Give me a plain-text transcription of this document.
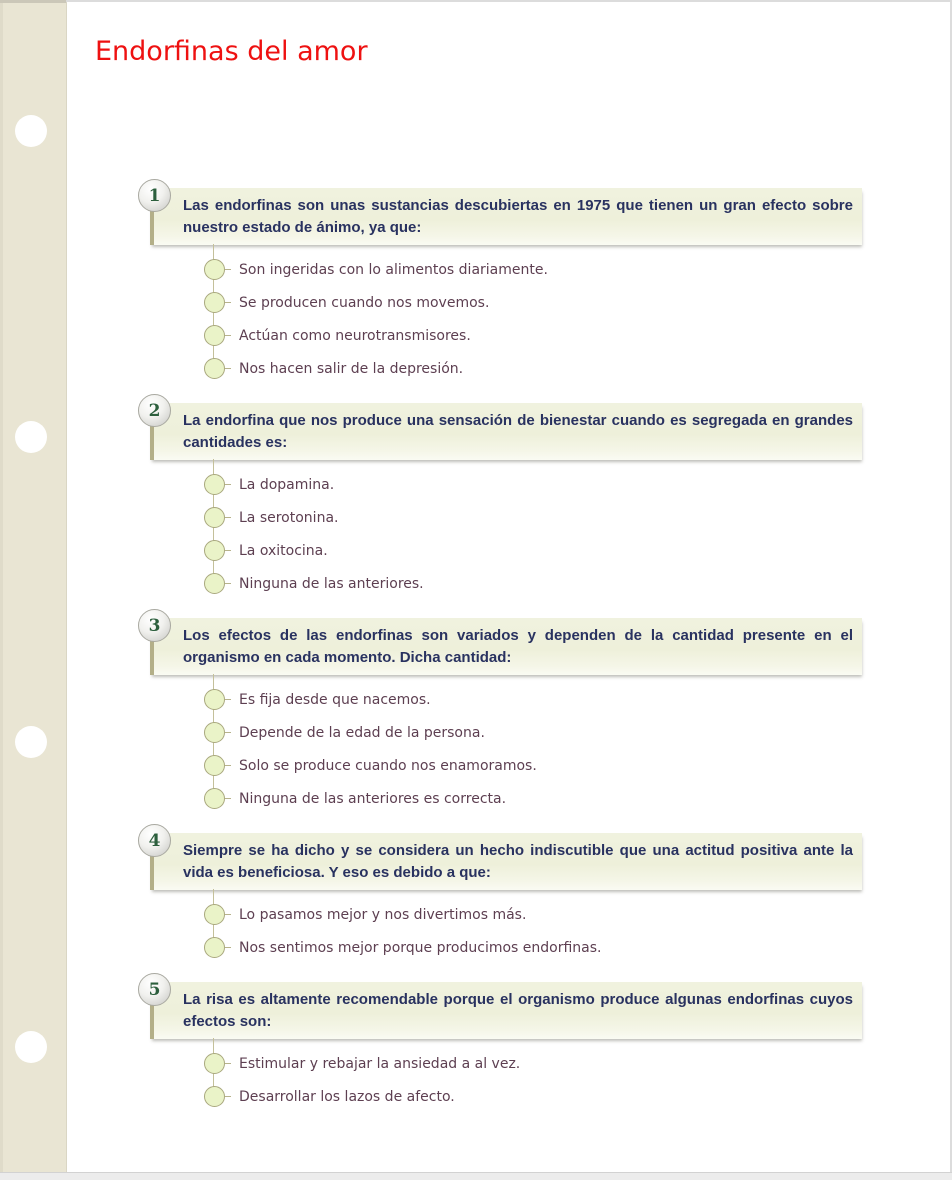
Endorfinas del amor
1	Las endorfinas son unas sustancias descubiertas en 1975 que tienen un gran efecto sobre nuestro estado de ánimo, ya que:
Son ingeridas con lo alimentos diariamente.
Se producen cuando nos movemos.
Actúan como neurotransmisores.
Nos hacen salir de la depresión.
2	La endorfina que nos produce una sensación de bienestar cuando es segregada en grandes cantidades es:
La dopamina.
La serotonina.
La oxitocina.
Ninguna de las anteriores.
3	Los efectos de las endorfinas son variados y dependen de la cantidad presente en el organismo en cada momento. Dicha cantidad:
Es fija desde que nacemos.
Depende de la edad de la persona.
Solo se produce cuando nos enamoramos.
Ninguna de las anteriores es correcta.
4	Siempre se ha dicho y se considera un hecho indiscutible que una actitud positiva ante la vida es beneficiosa. Y eso es debido a que:
Lo pasamos mejor y nos divertimos más.
Nos sentimos mejor porque producimos endorfinas.
5	La risa es altamente recomendable porque el organismo produce algunas endorfinas cuyos efectos son:
Estimular y rebajar la ansiedad a al vez.
Desarrollar los lazos de afecto.
